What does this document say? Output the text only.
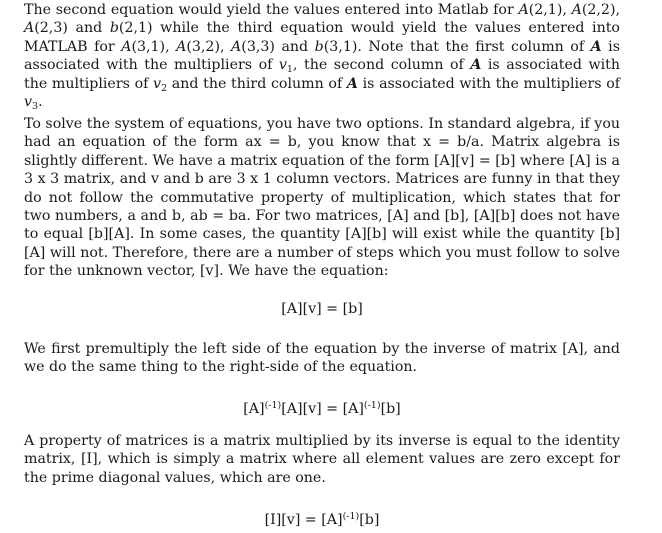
The second equation would yield the values entered into Matlab for A(2,1), A(2,2), A(2,3) and b(2,1) while the third equation would yield the values entered into MATLAB for A(3,1), A(3,2), A(3,3) and b(3,1). Note that the first column of A is associated with the multipliers of $v_1$, the second column of A is associated with the multipliers of $v_2$ and the third column of A is associated with the multipliers of $v_3$.

To solve the system of equations, you have two options. In standard algebra, if you had an equation of the form ax = b, you know that x = b/a. Matrix algebra is slightly different. We have a matrix equation of the form [A][v] = [b] where [A] is a 3 x 3 matrix, and v and b are 3 x 1 column vectors. Matrices are funny in that they do not follow the commutative property of multiplication, which states that for two numbers, a and b, ab = ba. For two matrices, [A] and [b], [A][b] does not have to equal [b][A]. In some cases, the quantity [A][b] will exist while the quantity [b][A] will not. Therefore, there are a number of steps which you must follow to solve for the unknown vector, [v]. We have the equation:

[A][v] = [b]

We first premultiply the left side of the equation by the inverse of matrix [A], and we do the same thing to the right-side of the equation.

$[A]^{(-1)}[A][v] = [A]^{(-1)}[b]$

A property of matrices is a matrix multiplied by its inverse is equal to the identity matrix, [I], which is simply a matrix where all element values are zero except for the prime diagonal values, which are one.

$[I][v] = [A]^{(-1)}[b]$
